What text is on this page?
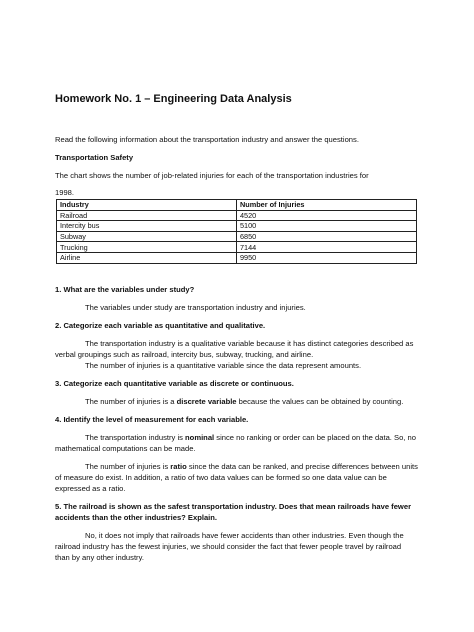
Homework No. 1 – Engineering Data Analysis
Read the following information about the transportation industry and answer the questions.
Transportation Safety
The chart shows the number of job-related injuries for each of the transportation industries for
1998.
Industry	Number of Injuries
Railroad	4520
Intercity bus	5100
Subway	6850
Trucking	7144
Airline	9950
1. What are the variables under study?
The variables under study are transportation industry and injuries.
2. Categorize each variable as quantitative and qualitative.
The transportation industry is a qualitative variable because it has distinct categories described as
verbal groupings such as railroad, intercity bus, subway, trucking, and airline.
The number of injuries is a quantitative variable since the data represent amounts.
3. Categorize each quantitative variable as discrete or continuous.
The number of injuries is a discrete variable because the values can be obtained by counting.
4. Identify the level of measurement for each variable.
The transportation industry is nominal since no ranking or order can be placed on the data. So, no
mathematical computations can be made.
The number of injuries is ratio since the data can be ranked, and precise differences between units
of measure do exist. In addition, a ratio of two data values can be formed so one data value can be
expressed as a ratio.
5. The railroad is shown as the safest transportation industry. Does that mean railroads have fewer
accidents than the other industries? Explain.
No, it does not imply that railroads have fewer accidents than other industries. Even though the
railroad industry has the fewest injuries, we should consider the fact that fewer people travel by railroad
than by any other industry.
